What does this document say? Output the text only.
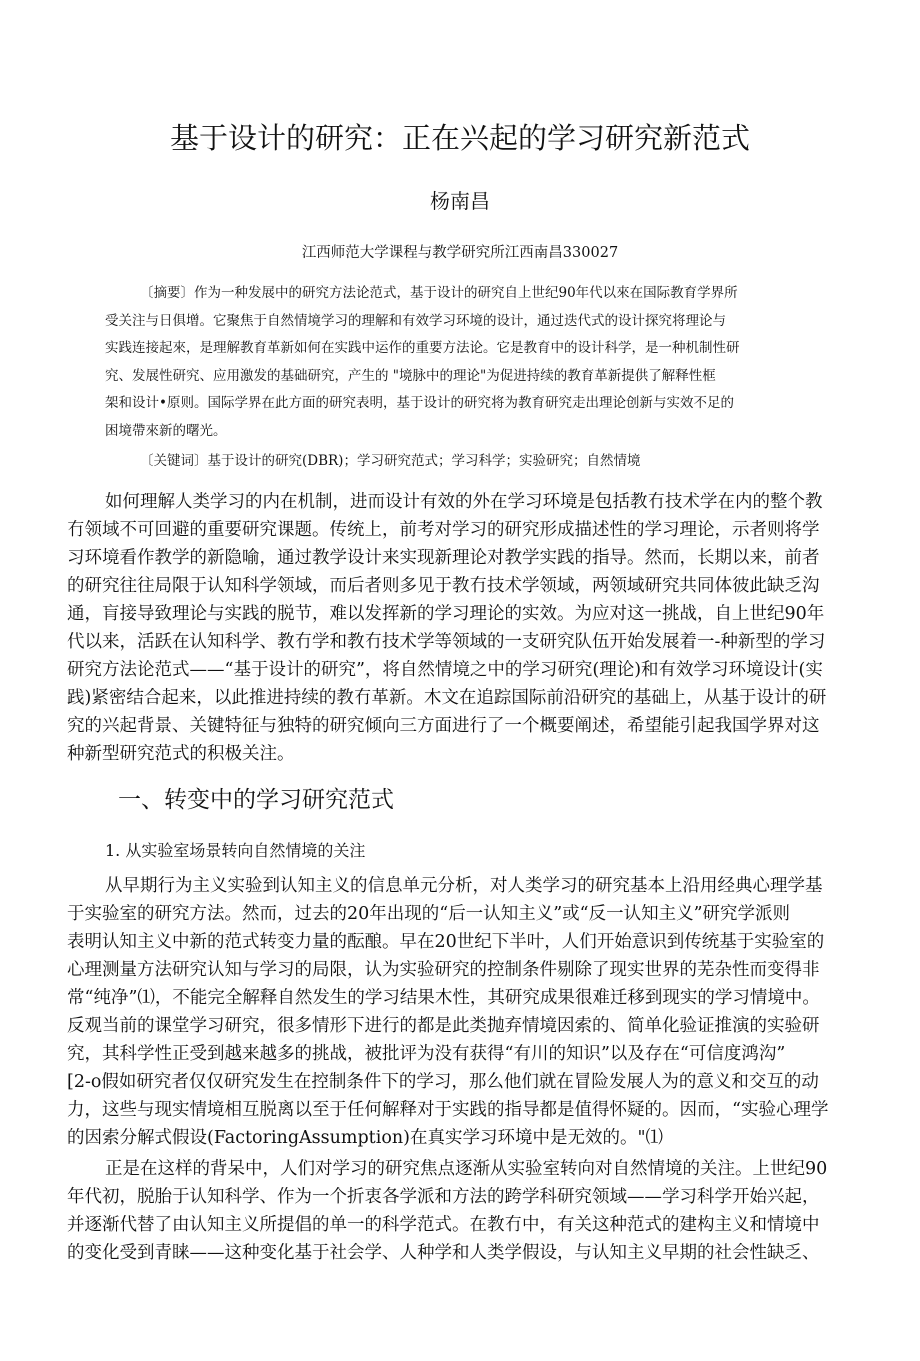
基于设计的研究：正在兴起的学习研究新范式
杨南昌
江西师范大学课程与教学研究所江西南昌330027
〔摘要〕作为一种发展中的研究方法论范式，基于设计的研究自上世纪90年代以來在国际教育学界所
受关注与日俱增。它聚焦于自然情境学习的理解和有效学习环境的设计，通过迭代式的设计探究将理论与
实践连接起來，是理解教育革新如何在实践中运作的重要方法论。它是教育中的设计科学，是一种机制性研
究、发展性研究、应用激发的基础研究，产生的 "境脉中的理论"为促进持续的教育革新提供了解释性框
架和设计•原则。国际学界在此方面的研究表明，基于设计的研究将为教育研究走出理论创新与实效不足的
困境帶來新的曙光。
〔关键词〕基于设计的研究(DBR)；学习研究范式；学习科学；实验研究；自然情境
如何理解人类学习的内在机制，进而设计有效的外在学习环境是包括教冇技术学在内的整个教
冇领域不可回避的重要研究课题。传统上，前考对学习的研究形成描述性的学习理论，示者则将学
习环境看作教学的新隐喻，通过教学设计来实现新理论对教学实践的指导。然而，长期以来，前者
的研究往往局限于认知科学领域，而后者则多见于教冇技术学领域，两领域研究共同体彼此缺乏沟
通，肓接导致理论与实践的脱节，难以发挥新的学习理论的实效。为应对这一挑战，自上世纪90年
代以来，活跃在认知科学、教冇学和教冇技术学等领域的一支研究队伍开始发展着一-种新型的学习
研究方法论范式——“基于设计的研究”，将自然情境之中的学习研究(理论)和有效学习环境设计(实
践)紧密结合起来，以此推进持续的教冇革新。木文在追踪国际前沿研究的基础上，从基于设计的研
究的兴起背景、关键特征与独特的研究倾向三方面进行了一个概要阐述，希望能引起我国学界对这
种新型研究范式的积极关注。
一、转变中的学习研究范式
1. 从实验室场景转向自然情境的关注
从早期行为主义实验到认知主义的信息单元分析，对人类学习的研究基本上沿用经典心理学基
于实验室的研究方法。然而，过去的20年出现的“后一认知主义”或“反一认知主义”研究学派则
表明认知主义中新的范式转变力量的酝酿。早在20世纪下半叶，人们开始意识到传统基于实验室的
心理测量方法研究认知与学习的局限，认为实验研究的控制条件剔除了现实世界的芜杂性而变得非
常“纯净”⑴，不能完全解释自然发生的学习结果木性，其研究成果很难迁移到现实的学习情境中。
反观当前的课堂学习研究，很多情形下进行的都是此类抛弃情境因索的、简单化验证推演的实验研
究，其科学性正受到越来越多的挑战，被批评为没有获得“有川的知识”以及存在“可信度鸿沟”
[2-o假如研究者仅仅研究发生在控制条件下的学习，那么他们就在冒险发展人为的意义和交互的动
力，这些与现实情境相互脱离以至于任何解释对于实践的指导都是值得怀疑的。因而，“实验心理学
的因索分解式假设(FactoringAssumption)在真实学习环境中是无效的。"⑴
正是在这样的背呆中，人们对学习的研究焦点逐渐从实验室转向对自然情境的关注。上世纪90
年代初，脱胎于认知科学、作为一个折衷各学派和方法的跨学科研究领域——学习科学开始兴起，
并逐渐代替了由认知主义所提倡的单一的科学范式。在教冇中，有关这种范式的建构主义和情境中
的变化受到青睐——这种变化基于社会学、人种学和人类学假设，与认知主义早期的社会性缺乏、
